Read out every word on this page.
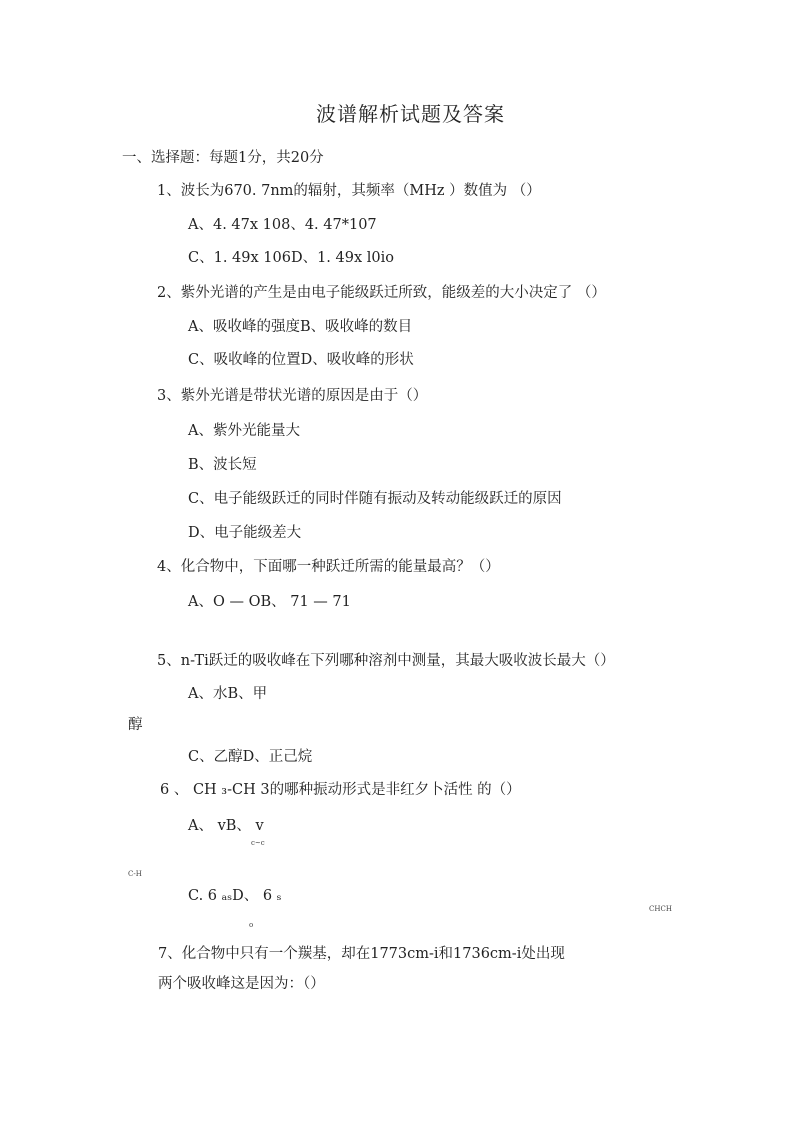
波谱解析试题及答案
一、选择题：每题1分，共20分
1、波长为670. 7nm的辐射，其频率（MHz ）数值为 （）
A、4. 47x 108、4. 47*107
C、1. 49x 106D、1. 49x l0io
2、紫外光谱的产生是由电子能级跃迁所致，能级差的大小决定了 （）
A、吸收峰的强度B、吸收峰的数目
C、吸收峰的位置D、吸收峰的形状
3、紫外光谱是带状光谱的原因是由于（）
A、紫外光能量大
B、波长短
C、电子能级跃迁的同时伴随有振动及转动能级跃迁的原因
D、电子能级差大
4、化合物中，下面哪一种跃迁所需的能量最高？（）
A、O — OB、 71 — 71
5、n-Ti跃迁的吸收峰在下列哪种溶剂中测量，其最大吸收波长最大（）
A、水B、甲
醇
C、乙醇D、正己烷
6 、 CH ₃-CH 3的哪种振动形式是非红夕卜活性 的（）
A、 vB、 v
c~c
C-H
C. 6 ₐₛD、 6 ₛ
o
CHCH
7、化合物中只有一个羰基，却在1773cm-i和1736cm-i处出现
两个吸收峰这是因为：（）
